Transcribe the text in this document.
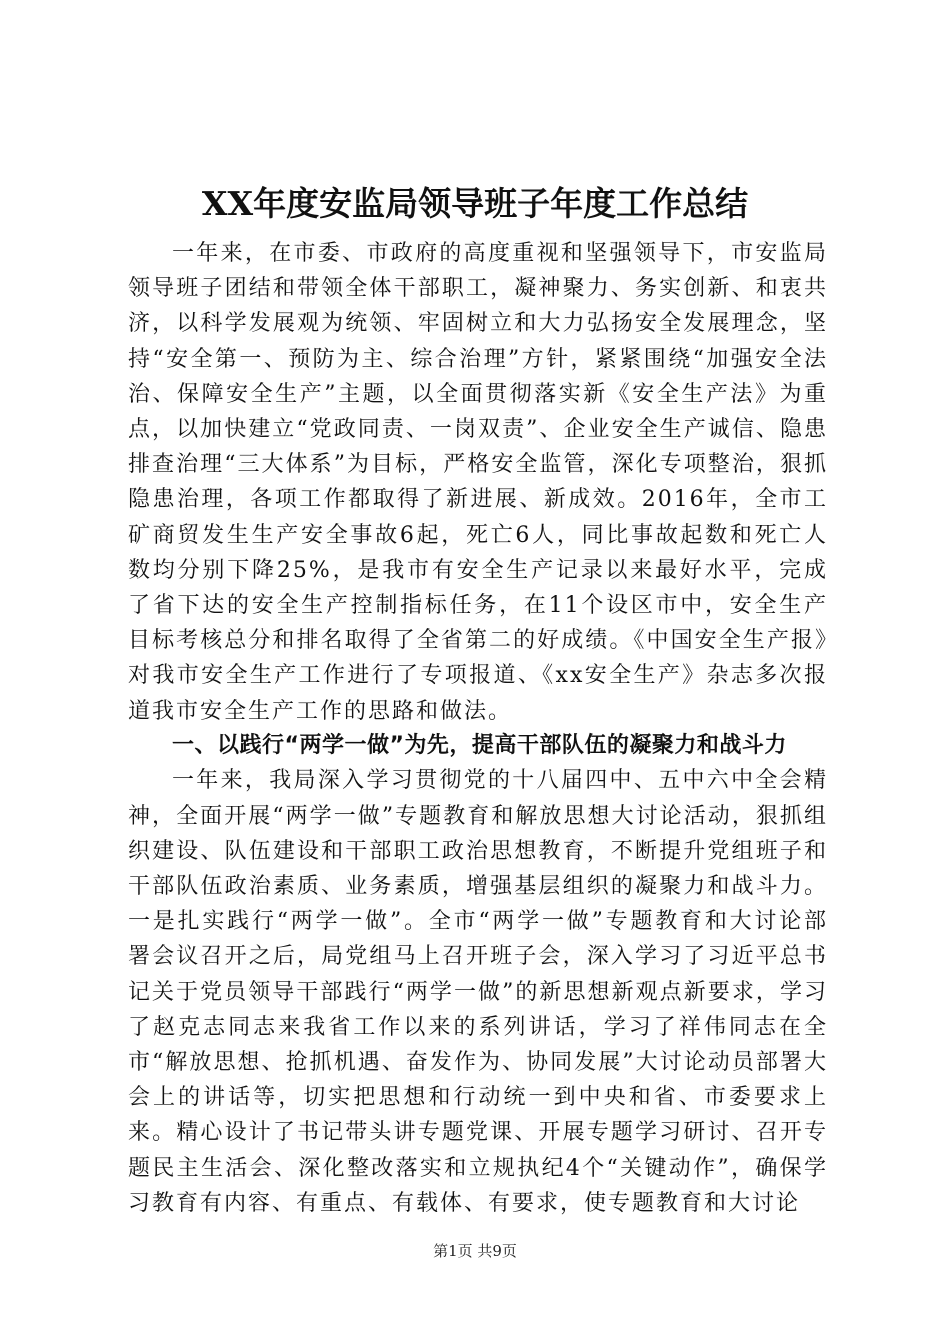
XX年度安监局领导班子年度工作总结

一年来，在市委、市政府的高度重视和坚强领导下，市安监局领导班子团结和带领全体干部职工，凝神聚力、务实创新、和衷共济，以科学发展观为统领、牢固树立和大力弘扬安全发展理念，坚持“安全第一、预防为主、综合治理”方针，紧紧围绕“加强安全法治、保障安全生产”主题，以全面贯彻落实新《安全生产法》为重点，以加快建立“党政同责、一岗双责”、企业安全生产诚信、隐患排查治理“三大体系”为目标，严格安全监管，深化专项整治，狠抓隐患治理，各项工作都取得了新进展、新成效。2016年，全市工矿商贸发生生产安全事故6起，死亡6人，同比事故起数和死亡人数均分别下降25%，是我市有安全生产记录以来最好水平，完成了省下达的安全生产控制指标任务，在11个设区市中，安全生产目标考核总分和排名取得了全省第二的好成绩。《中国安全生产报》对我市安全生产工作进行了专项报道、《xx安全生产》杂志多次报道我市安全生产工作的思路和做法。

一、以践行“两学一做”为先，提高干部队伍的凝聚力和战斗力

一年来，我局深入学习贯彻党的十八届四中、五中六中全会精神，全面开展“两学一做”专题教育和解放思想大讨论活动，狠抓组织建设、队伍建设和干部职工政治思想教育，不断提升党组班子和干部队伍政治素质、业务素质，增强基层组织的凝聚力和战斗力。一是扎实践行“两学一做”。全市“两学一做”专题教育和大讨论部署会议召开之后，局党组马上召开班子会，深入学习了习近平总书记关于党员领导干部践行“两学一做”的新思想新观点新要求，学习了赵克志同志来我省工作以来的系列讲话，学习了祥伟同志在全市“解放思想、抢抓机遇、奋发作为、协同发展”大讨论动员部署大会上的讲话等，切实把思想和行动统一到中央和省、市委要求上来。精心设计了书记带头讲专题党课、开展专题学习研讨、召开专题民主生活会、深化整改落实和立规执纪4个“关键动作”，确保学习教育有内容、有重点、有载体、有要求，使专题教育和大讨论

第1页 共9页
